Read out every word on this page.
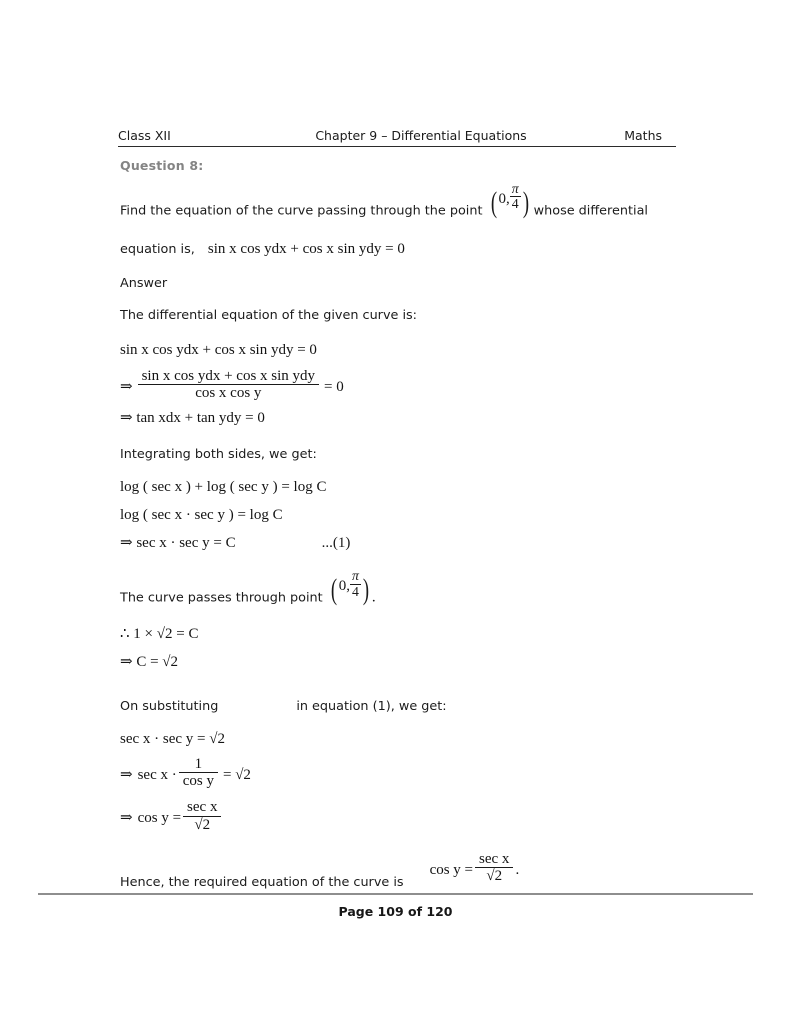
Class XII	Chapter 9 – Differential Equations	Maths
Question 8:
Find the equation of the curve passing through the point ( 0, $\frac{\pi}{4}$ ) whose differential
equation is, sin x cos ydx + cos x sin ydy = 0
Answer
The differential equation of the given curve is:
sin x cos ydx + cos x sin ydy = 0
⇒ $\frac{\text{sin x cos ydx + cos x sin ydy}}{\text{cos x cos y}} = 0$
⇒ tan xdx + tan ydy = 0
Integrating both sides, we get:
log ( sec x ) + log ( sec y ) = log C
log ( sec x · sec y ) = log C
⇒ sec x · sec y = C	...(1)
The curve passes through point ( 0, $\frac{\pi}{4}$ ) .
∴ 1 × √2 = C
⇒ C = √2
On substituting	in equation (1), we get:
sec x · sec y = √2
⇒ $\sec x \cdot \frac{1}{\text{cos y}} = √2$
⇒ $\cos y = \frac{\text{sec x}}{√2}$
Hence, the required equation of the curve iscos $y = \frac{\text{sec x}}{√2}$ .
Page 109 of 120
